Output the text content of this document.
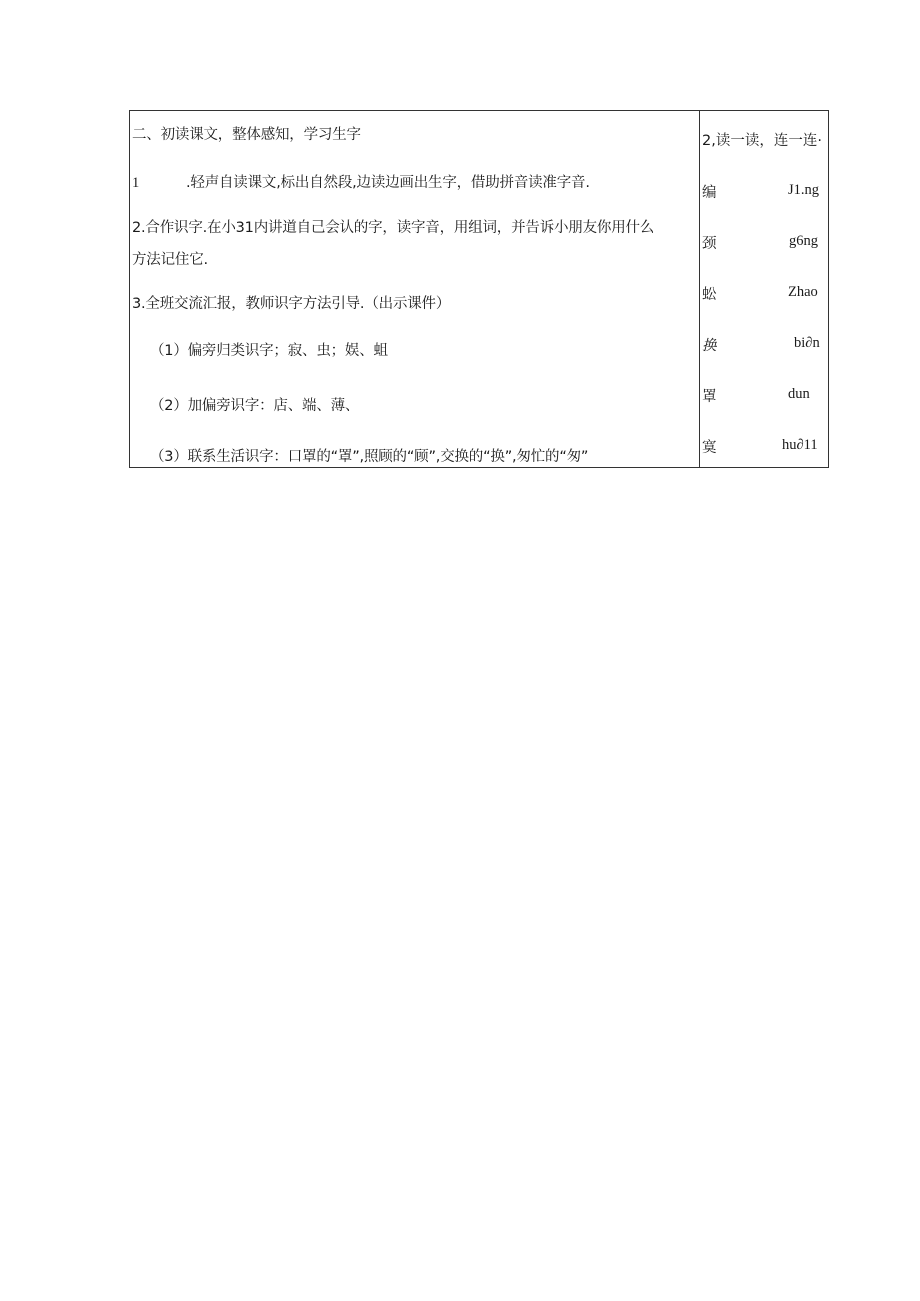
二、初读课文，整体感知，学习生字
1	.轻声自读课文,标出自然段,边读边画出生字，借助拼音读准字音.
2.合作识字.在小31内讲道自己会认的字，读字音，用组词，并告诉小朋友你用什么
方法记住它.
3.全班交流汇报，教师识字方法引导.（出示课件）
（1）偏旁归类识字；寂、虫；娱、蛆
（2）加偏旁识字：店、端、薄、
（3）联系生活识字：口罩的“罩”,照顾的“顾”,交换的“换”,匆忙的“匆”
2,读一读，连一连·
编	J1.ng
颈	g6ng
蚣	Zhao
换	bi∂n
罩	dun
寞	hu∂11
